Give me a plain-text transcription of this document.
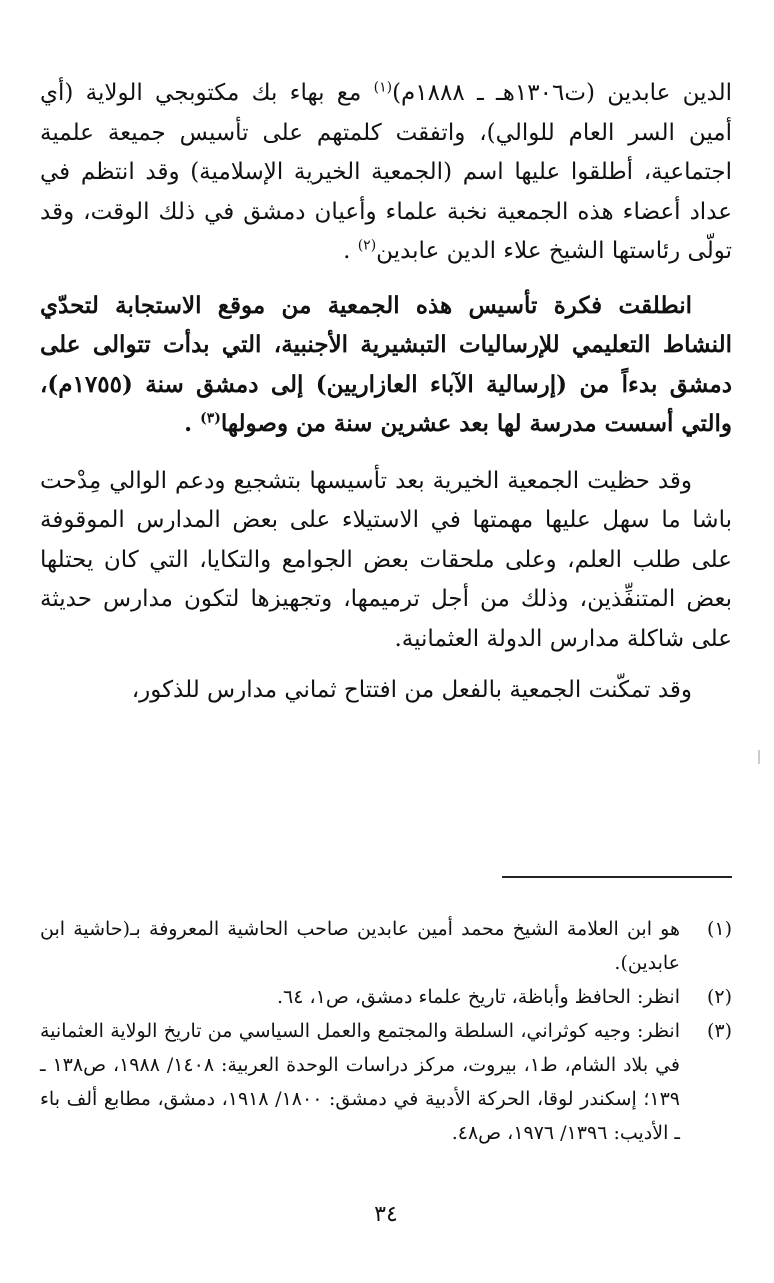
الدين عابدين (ت١٣٠٦هـ ـ ١٨٨٨م)$^{(١)}$ مع بهاء بك مكتوبجي الولاية (أي أمين السر العام للوالي)، واتفقت كلمتهم على تأسيس جميعة علمية اجتماعية، أطلقوا عليها اسم (الجمعية الخيرية الإسلامية) وقد انتظم في عداد أعضاء هذه الجمعية نخبة علماء وأعيان دمشق في ذلك الوقت، وقد تولّى رئاستها الشيخ علاء الدين عابدين$^{(٢)}$ .

انطلقت فكرة تأسيس هذه الجمعية من موقع الاستجابة لتحدّي النشاط التعليمي للإرساليات التبشيرية الأجنبية، التي بدأت تتوالى على دمشق بدءاً من (إرسالية الآباء العازاريين) إلى دمشق سنة (١٧٥٥م)، والتي أسست مدرسة لها بعد عشرين سنة من وصولها$^{(٣)}$ .

وقد حظيت الجمعية الخيرية بعد تأسيسها بتشجيع ودعم الوالي مِدْحت باشا ما سهل عليها مهمتها في الاستيلاء على بعض المدارس الموقوفة على طلب العلم، وعلى ملحقات بعض الجوامع والتكايا، التي كان يحتلها بعض المتنفِّذين، وذلك من أجل ترميمها، وتجهيزها لتكون مدارس حديثة على شاكلة مدارس الدولة العثمانية.

وقد تمكّنت الجمعية بالفعل من افتتاح ثماني مدارس للذكور،

(١)
هو ابن العلامة الشيخ محمد أمين عابدين صاحب الحاشية المعروفة بـ(حاشية ابن عابدين).
(٢)
انظر: الحافظ وأباظة، تاريخ علماء دمشق، ص١، ٦٤.
(٣)
انظر: وجيه كوثراني، السلطة والمجتمع والعمل السياسي من تاريخ الولاية العثمانية في بلاد الشام، ط١، بيروت، مركز دراسات الوحدة العربية: ١٤٠٨/ ١٩٨٨، ص١٣٨ ـ ١٣٩؛ إسكندر لوقا، الحركة الأدبية في دمشق: ١٨٠٠/ ١٩١٨، دمشق، مطابع ألف باء ـ الأديب: ١٣٩٦/ ١٩٧٦، ص٤٨.
٣٤
